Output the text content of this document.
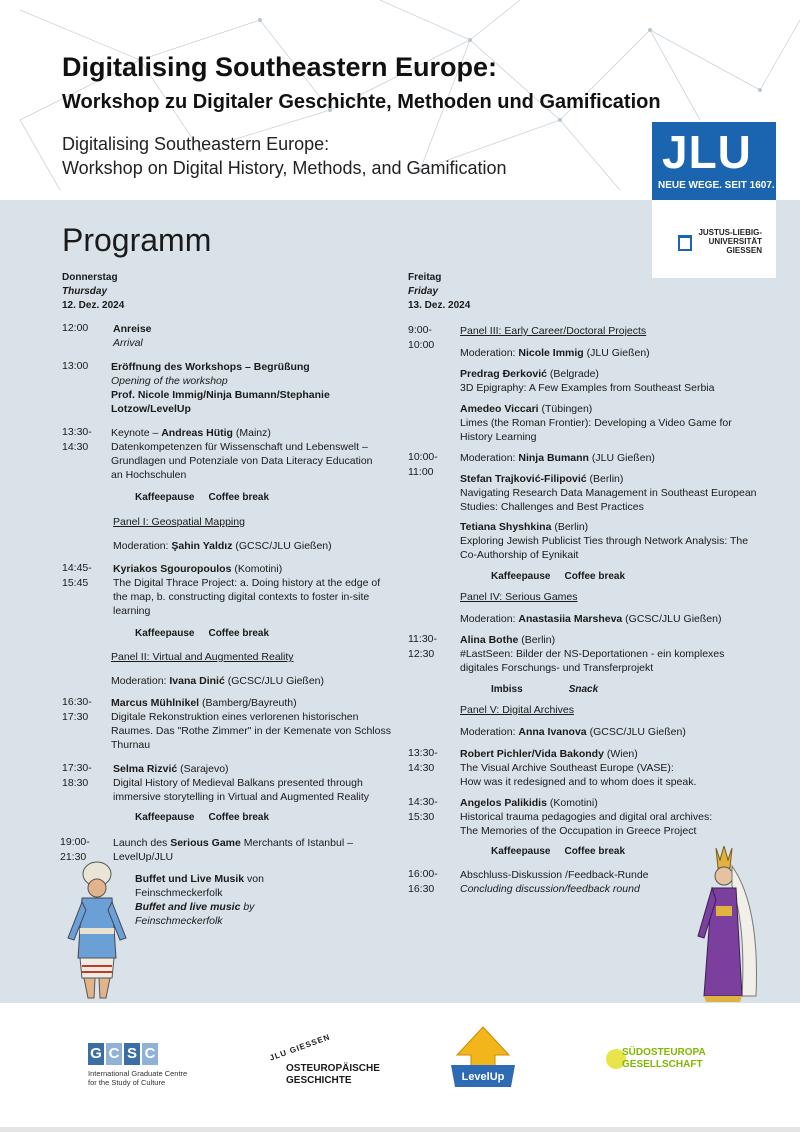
Digitalising Southeastern Europe:
Workshop zu Digitaler Geschichte, Methoden und Gamification
Digitalising Southeastern Europe:
Workshop on Digital History, Methods, and Gamification
Programm
Donnerstag
Thursday
12. Dez. 2024
12:00 Anreise
Arrival
13:00 Eröffnung des Workshops – Begrüßung
Opening of the workshop
Prof. Nicole Immig/Ninja Bumann/Stephanie
Lotzow/LevelUp
13:30-
14:30
Keynote – Andreas Hütig (Mainz)
Datenkompetenzen für Wissenschaft und Lebenswelt –
Grundlagen und Potenziale von Data Literacy Education
an Hochschulen
Kaffeepause Coffee break
Panel I: Geospatial Mapping
Moderation: Şahin Yaldız (GCSC/JLU Gießen)
14:45-
15:45
Kyriakos Sgouropoulos (Komotini)
The Digital Thrace Project: a. Doing history at the edge of
the map, b. constructing digital contexts to foster in-site
learning
Kaffeepause Coffee break
Panel II: Virtual and Augmented Reality
Moderation: Ivana Dinić (GCSC/JLU Gießen)
16:30-
17:30
Marcus Mühlnikel (Bamberg/Bayreuth)
Digitale Rekonstruktion eines verlorenen historischen
Raumes. Das "Rothe Zimmer" in der Kemenate von Schloss
Thurnau
17:30-
18:30
Selma Rizvić (Sarajevo)
Digital History of Medieval Balkans presented through
immersive storytelling in Virtual and Augmented Reality
Kaffeepause Coffee break
19:00-
21:30
Launch des Serious Game Merchants of Istanbul –
LevelUp/JLU
Buffet und Live Musik von
Feinschmeckerfolk
Buffet and live music by
Feinschmeckerfolk
Freitag
Friday
13. Dez. 2024
9:00-
10:00
Panel III: Early Career/Doctoral Projects
Moderation: Nicole Immig (JLU Gießen)
Predrag Đerković (Belgrade)
3D Epigraphy: A Few Examples from Southeast Serbia
Amedeo Viccari (Tübingen)
Limes (the Roman Frontier): Developing a Video Game for
History Learning
10:00-
11:00
Moderation: Ninja Bumann (JLU Gießen)
Stefan Trajković-Filipović (Berlin)
Navigating Research Data Management in Southeast European
Studies: Challenges and Best Practices
Tetiana Shyshkina (Berlin)
Exploring Jewish Publicist Ties through Network Analysis: The
Co-Authorship of Eynikait
Kaffeepause Coffee break
Panel IV: Serious Games
Moderation: Anastasiia Marsheva (GCSC/JLU Gießen)
11:30-
12:30
Alina Bothe (Berlin)
#LastSeen: Bilder der NS-Deportationen - ein komplexes
digitales Forschungs- und Transferprojekt
Imbiss	Snack
Panel V: Digital Archives
Moderation: Anna Ivanova (GCSC/JLU Gießen)
13:30-
14:30
Robert Pichler/Vida Bakondy (Wien)
The Visual Archive Southeast Europe (VASE):
How was it redesigned and to whom does it speak.
14:30-
15:30
Angelos Palikidis (Komotini)
Historical trauma pedagogies and digital oral archives:
The Memories of the Occupation in Greece Project
Kaffeepause Coffee break
16:00-
16:30
Abschluss-Diskussion /Feedback-Runde
Concluding discussion/feedback round
JLU
NEUE WEGE. SEIT 1607.
JUSTUS-LIEBIG-
UNIVERSITÄT
GIESSEN
G C S C
International Graduate Centre
for the Study of Culture
JLU GIESSEN
OSTEUROPÄISCHE
GESCHICHTE	LevelUp
SÜDOSTEUROPA
GESELLSCHAFT
